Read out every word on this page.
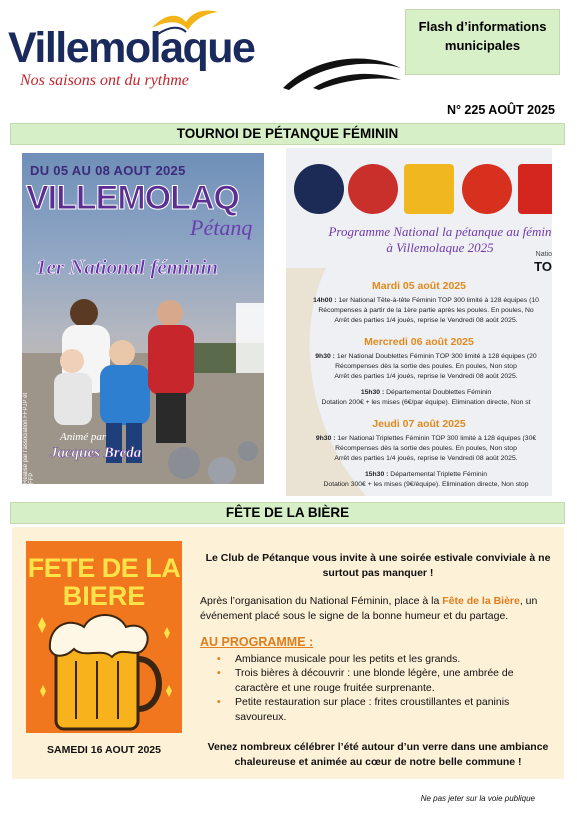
Villemolaque
Nos saisons ont du rythme
Flash d’informations
municipales
N° 225 AOÛT 2025
TOURNOI DE PÉTANQUE FÉMININ
DU 05 AU 08 AOUT 2025
VILLEMOLAQ
Pétanq
1er National féminin
Réalisé par l'association FFPJP et FFP
Animé par
Jacques Breda
Programme National la pétanque au fémin
à Villemolaque 2025	Natio
TO
Mardi 05 août 2025
14h00 : 1er National Tête-à-tête Féminin TOP 300 limité à 128 équipes (10
Récompenses à partir de la 1ère partie après les poules. En poules, No
Arrêt des parties 1/4 joués, reprise le Vendredi 08 août 2025.
Mercredi 06 août 2025
9h30 : 1er National Doublettes Féminin TOP 300 limité à 128 équipes (20
Récompenses dès la sortie des poules. En poules, Non stop
Arrêt des parties 1/4 joués, reprise le Vendredi 08 août 2025.
15h30 : Départemental Doublettes Féminin
Dotation 200€ + les mises (6€/par équipe). Elimination directe, Non st
Jeudi 07 août 2025
9h30 : 1er National Triplettes Féminin TOP 300 limité à 128 équipes (30€
Récompenses dès la sortie des poules. En poules, Non stop
Arrêt des parties 1/4 joués, reprise le Vendredi 08 août 2025.
15h30 : Départemental Triplette Féminin
Dotation 300€ + les mises (9€/équipe). Elimination directe, Non stop
FÊTE DE LA BIÈRE
FETE DE LA
BIERE
SAMEDI 16 AOUT 2025

Le Club de Pétanque vous invite à une soirée estivale conviviale à ne surtout pas manquer !

Après l’organisation du National Féminin, place à la Fête de la Bière, un événement placé sous le signe de la bonne humeur et du partage.

AU PROGRAMME :

• Ambiance musicale pour les petits et les grands.
• Trois bières à découvrir : une blonde légère, une ambrée de caractère et une rouge fruitée surprenante.
• Petite restauration sur place : frites croustillantes et paninis savoureux.

Venez nombreux célébrer l’été autour d’un verre dans une ambiance chaleureuse et animée au cœur de notre belle commune !

Ne pas jeter sur la voie publique
